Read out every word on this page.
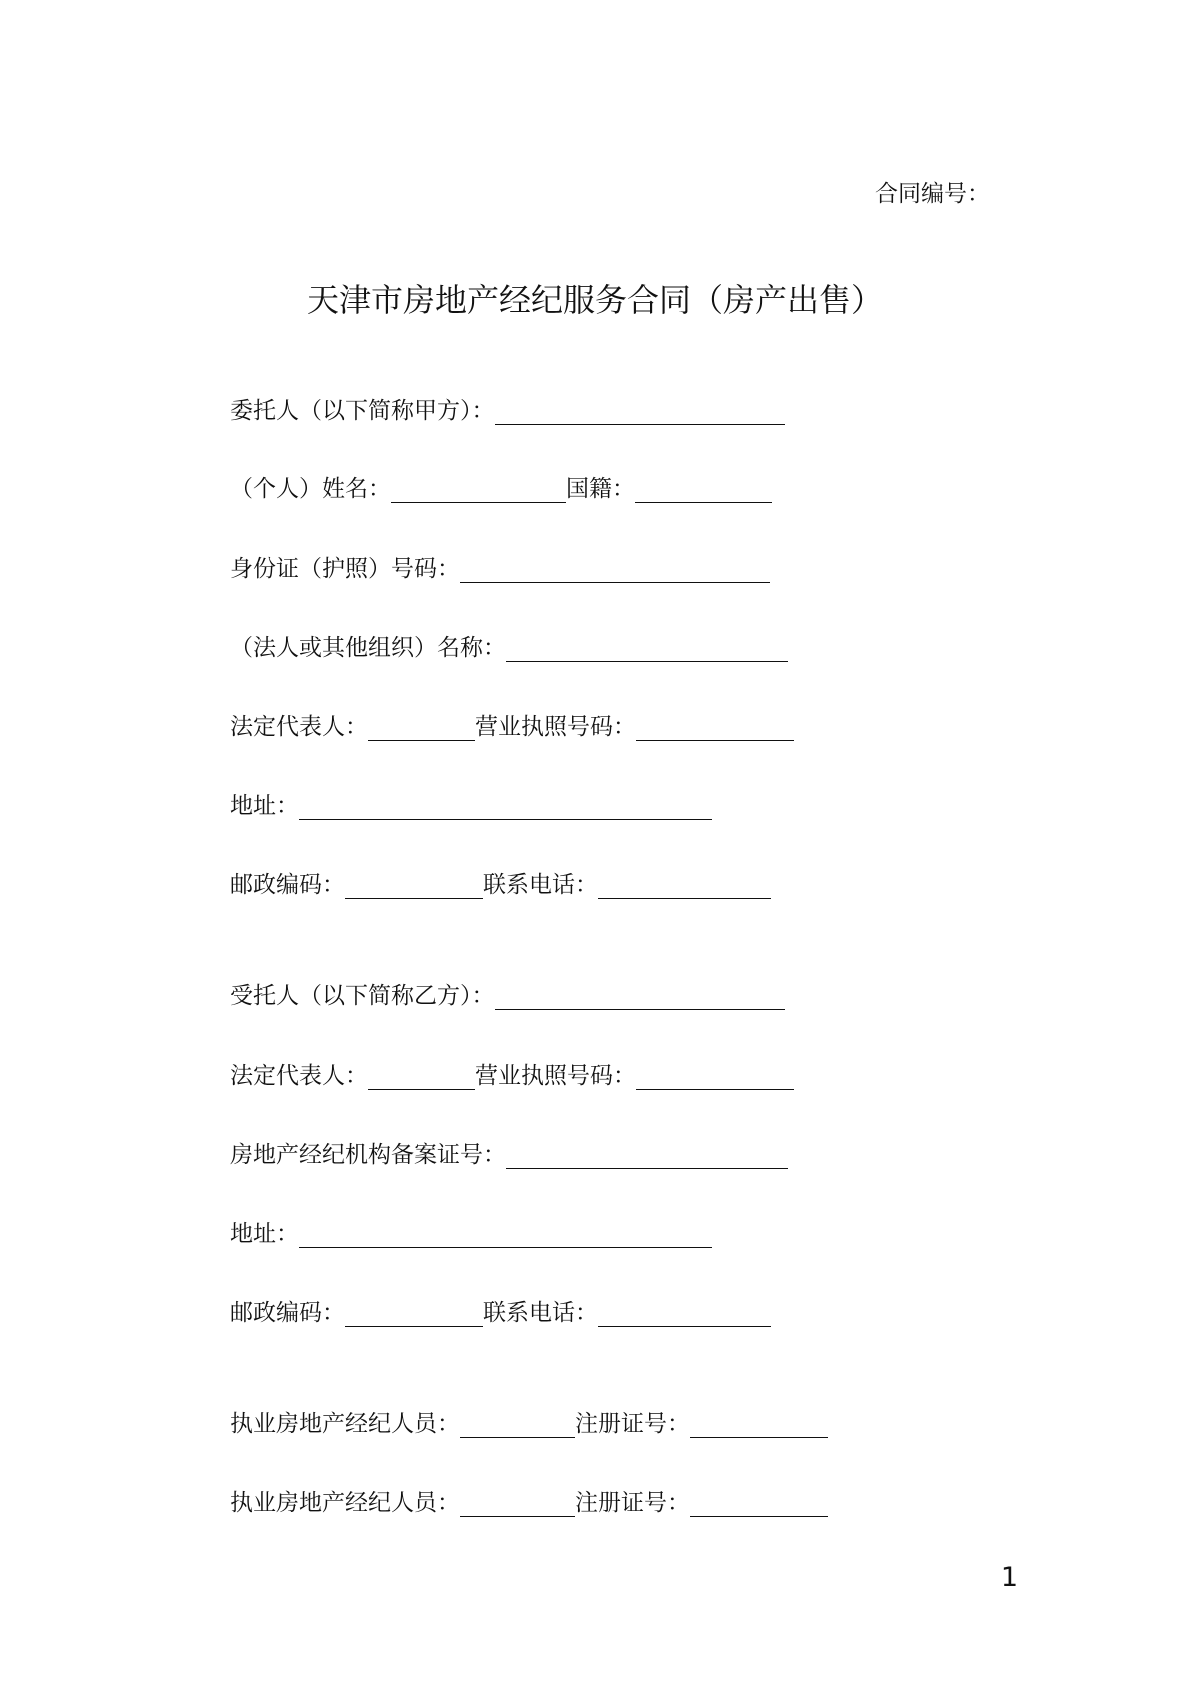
合同编号：
天津市房地产经纪服务合同（房产出售）
委托人（以下简称甲方）：
（个人）姓名：	国籍：
身份证（护照）号码：
（法人或其他组织）名称：
法定代表人：	营业执照号码：
地址：
邮政编码：	联系电话：
受托人（以下简称乙方）：
法定代表人：	营业执照号码：
房地产经纪机构备案证号：
地址：
邮政编码：	联系电话：
执业房地产经纪人员：	注册证号：
执业房地产经纪人员：	注册证号：
1
